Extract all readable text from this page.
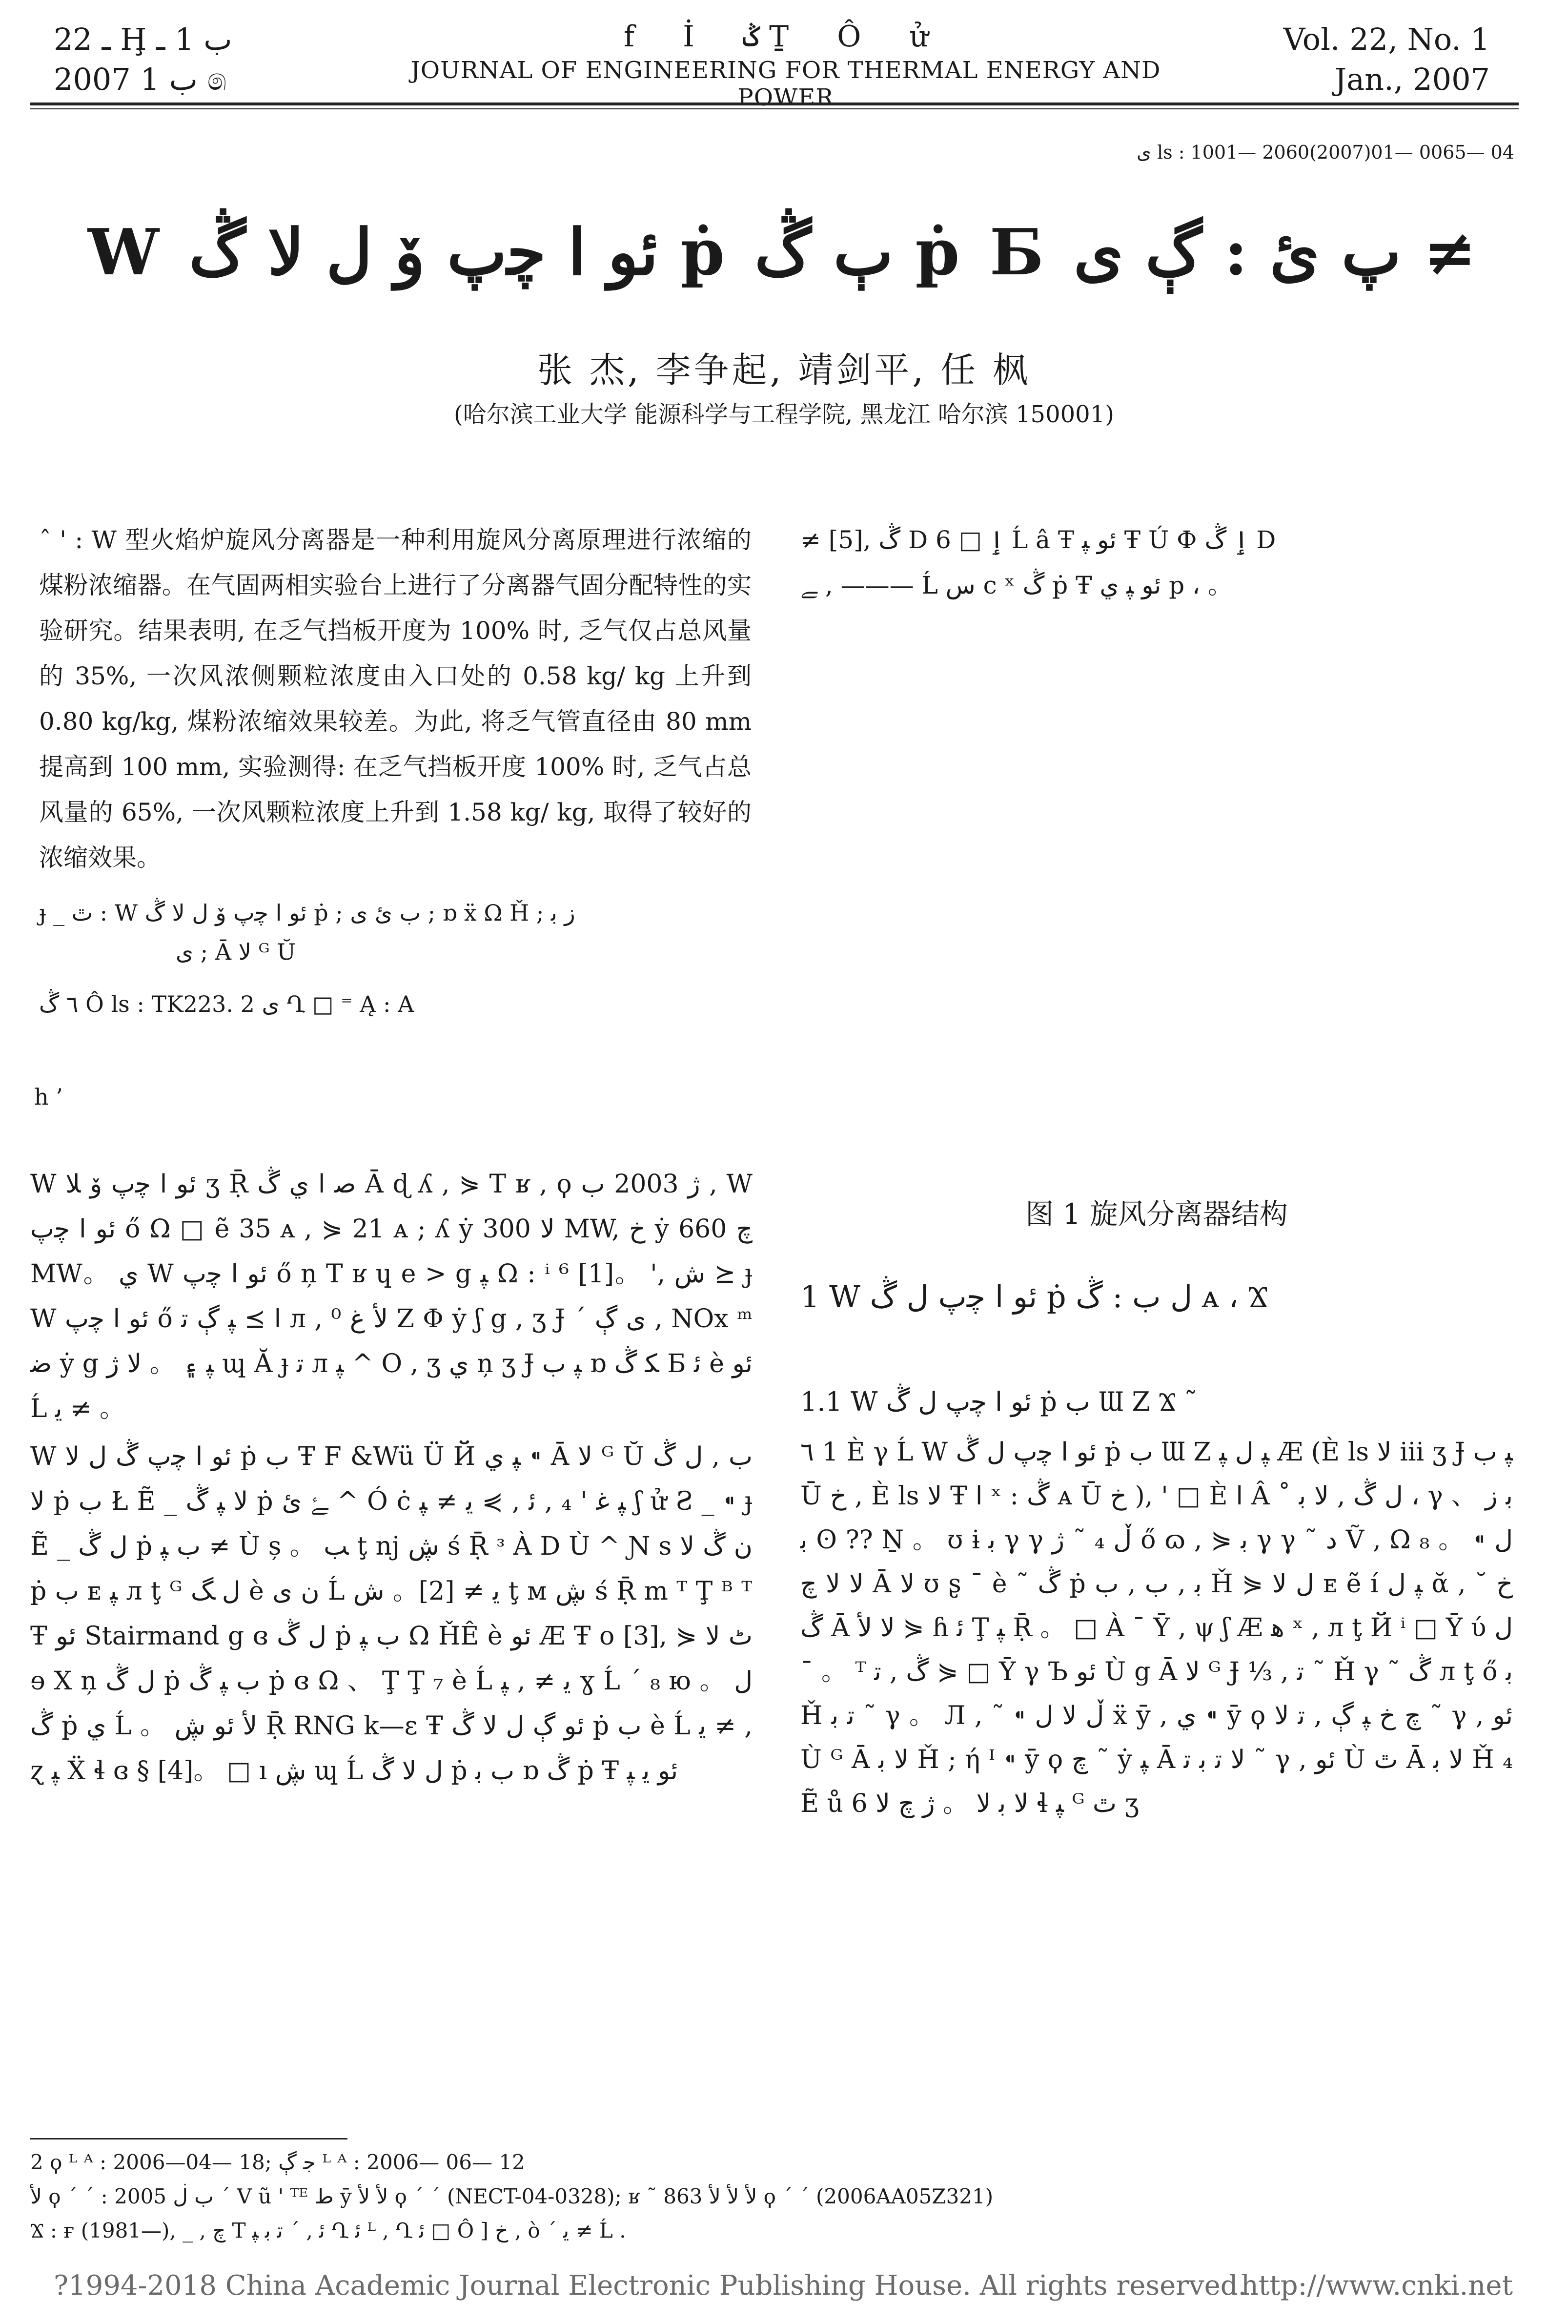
ـ 22 Ḩ ب 1 ـ
2007 ب 1 ෧
f İ ݣ Ṯ Ô ử
JOURNAL OF ENGINEERING FOR THERMAL ENERGY AND POWER
Vol. 22, No. 1
Jan., 2007
ى ls : 1001— 2060(2007)01— 0065— 04
W ئو ا ﭼپ ۆ ﻝ ﻻ ڴ ṗ ٻ ڴ ṗ Б پ ئ : ڳ ﻯ ≠
张 杰, 李争起, 靖剑平, 任 枫
(哈尔滨工业大学 能源科学与工程学院, 黑龙江 哈尔滨 150001)
ˆ ' : W 型火焰炉旋风分离器是一种利用旋风分离原理进行浓缩的煤粉浓缩器。在气固两相实验台上进行了分离器气固分配特性的实验研究。结果表明, 在乏气挡板开度为 100% 时, 乏气仅占总风量的 35%, 一次风浓侧颗粒浓度由入口处的 0.58 kg/ kg 上升到 0.80 kg/kg, 煤粉浓缩效果较差。为此, 将乏气管直径由 80 mm 提高到 100 mm, 实验测得: 在乏气挡板开度 100% 时, 乏气占总风量的 65%, 一次风颗粒浓度上升到 1.58 kg/ kg, 取得了较好的浓缩效果。
ɟ _ ٿ : W ئو ا ﭼپ ۆ ﻝ ﻻ ڴ ṗ ; ب ئ ﻯ ; ɒ ẍ Ω Ȟ ; ز ﺑ
ى ; Ā ﻻ ᴳ Ŭ
٦ ڴ Ô ls : TK223. 2 ى Ղ □ ⁼ Ą : A
≠ [5], ڴ D ٳ □ 6 Ĺ â Ŧ ئو ﭙ Ŧ Ú Ф ٳ ڴ D
ﮯ , ——— Ĺ ﺱ c ˣ ڴ ṗ Ŧ ئو ﭙ ي p ، 。
h ’

W ئو ا ﭼپ ۆ ﻼ ʒ Ṝ ﺻ ا ي ڴ Ā ɖ ʎ , ⋟ T ʁ , ϙ ژ 2003 ب , W ئو ا ﭼپ ő Ω □ ẽ 35 ᴀ , ⋟ 21 ᴀ ; ʎ ẏ ﻻ 300 MW, ﺥ ẏ ﭺ 660 MW。 ي W ئو ا ﭼپ ő ņ T ʁ ɥ e > g ﭙ Ω : ⁱ ⁶ [1]。 ', ش ⪰ ɟ W ئو ا ﭼپ ő ا ⪰ ﭙ ڳ ﺗ л , ⁰ ﻷ ﻍ Z Φ ẏ ʃ g , ʒ Ɉ ´ ى ڳ , NOx ᵐ ﺿ ẏ g ﭙ ۽ 。 ﻻ ژ ɰ Ă ɟ ﺗ л ﭙ ^ O , ʒ ﻱ ņ ʒ Ɉ ﭙ ﺏ ɒ ﮑ ڴ Б ﺋ è ئو Ĺ ﻳ ≠ 。

W ئو ا ﭼپ ڴ ﻝ ﻻ ṗ ب Ŧ F &Wü Ü Й ﭙ ي ⁌ Ā ﻻ ᴳ Ŭ ﺏ , ﻝ ڴ ﻻ ṗ ب Ł Ẽ _ ﻻ ﭙ ڴ ṗ ﮱ ئ ^ Ó ċ ﭙ ﻏ ' ₄ , ﺋ , ⋟ ﻳ ≠ ﭙ ʃ ử Ƨ _ ⁌ ɟ Ẽ _ ﻝ ڴ ṗ ﺏ ﭙ ≠ Ù ș 。 ﺐ ţ ǌ ڜ ś Ṝ ᶟ À D Ù ^ Ɲ s ﻥ ڴ ﻻ ṗ ب ᴇ ﭙ л ţ ᴳ ﻝ ﮓ è ﻥ ﻯ Ĺ ﻳ ≠ [2]。 ش ţ ᴍ ڜ ś Ṝ m ᵀ Ţ ᴮ ᵀ Ŧ ئو Stairmand g ɞ ﻝ ڴ ṗ ﺏ ﭙ Ω ȞÊ è ئو Æ Ŧ o [3], ⋟ ٹ ﻻ ɘ Χ ņ ﻝ ڴ ṗ ﺏ ﭙ ڴ ṗ ɞ Ω 、 Ţ Ţ ₇ è Ĺ ﻳ ≠ , ﭙ ɣ Ĺ ´ ₈ ю 。 ﻝ ڴ ṗ ي Ĺ 。 ﻷ ئو ڜ Ṝ RNG k—ε Ŧ ئو ڳ ﻝ ﻻ ڴ ṗ ب è Ĺ ﻳ ≠ , ɀ ﭙ Ẍ ɬ ɞ § [4]。 □ ı ڜ ɰ Ĺ ﻝ ﻻ ڴ ṗ ب ﺑ ɒ ڴ ṗ Ŧ ئو ﻳ ﭙ

图 1 旋风分离器结构
1 W ئو ا ﭼپ ﻝ ڴ ṗ ﻝ ب : ڴ ᴀ ، Ϫ
1.1 W ئو ا ﭼپ ﻝ ڴ ṗ ب Ɯ Z Ϫ ˜
٦ 1 È γ Ĺ W ئو ا ﭼپ ﻝ ڴ ṗ ب Ɯ Z ﭙ ﻝ ﭙ Æ (È ls ﻻ iii ʒ Ɉ ﭙ ﺏ Ū ﺥ , È ls ﻻ Ŧ ا ˣ : ڴ ᴀ Ū ﺥ ), ' □ È ﺍ Â ˚ ﻝ ڴ , ﻻ ﺑ ، γ 、 ﺑ ز ﺑ ʘ ?? Ṉ 。 ʊ ɨ ﺑ γ γ ڵ ₄ ˜ ژ ő ɷ , ⋟ ﺑ γ γ ˜ ﺩ Ṽ , Ω ₈ 。 ⁌ ﻝ ﻻ ﻻ ﭺ Ā ﻻ ʊ ʂ ¯ è ˜ ڴ ṗ ﺑ , ﺏ , ﺏ Ȟ ⋟ ﻝ ﻻ ᴇ ẽ í ﭙ ﻝ ᾰ , ﺥ ˘ ڴ Ā ﻻ ﻷ ⋟ ɦ ﺋ Ţ ﭙ Ṝ 。 □ À ¯ Ȳ , ψ ʃ Æ ﻫ ˣ , л ţ Й ⁱ □ Ȳ ύ ﻝ ¯ 。 ᵀ ڴ , ﺗ ⋟ □ Ȳ γ Ъ ئو Ù g Ā ﻻ ᴳ Ɉ ⅓ , ﺗ ˜ Ȟ γ ˜ ڴ л ţ ő ﺑ Ȟ ﺗ ﺑ ˜ γ 。 Л , ˜ ⁌ ڵ ﻻ ﻝ ẍ ȳ , ﻱ ⁌ ȳ ϙ ﭺ ﺥ ﭙ ڳ , ﺗ ﻻ ˜ γ , ئو Ù ᴳ Ā ﻻ ﺑ Ȟ ; ή ᴵ ⁌ ȳ ϙ ﭺ ˜ ẏ ﭙ Ā ﻻ ﺗ ﺑ ﺗ ˜ γ , ئو Ù ٿ Ā ﻻ ﺑ Ȟ ₄ Ẽ ů ﻻ ﺑ ﻻ 。 ژ ﭺ ﻻ 6 ɬ ﭙ ᴳ ٿ ʒ
2 ϙ ᴸ ᴬ : 2006—04— 18; ﺟ ڳ ᴸ ᴬ : 2006— 06— 12
ﻷ ϙ ´ ´ : 2005 ﺏ ڶ ´ V ũ ' ᵀᴱ ﻁ ȳ ﻷ ﻷ ϙ ´ ´ (NECT-04-0328); ʁ ˜ 863 ﻷ ﻷ ﻷ ϙ ´ ´ (2006AA05Z321)
Ϫ : ғ (1981—), _ , ﭺ T ﺋ , ´ ﺗ ﺑ ﭙ Ղ ﺋ ᴸ , Ղ ﺋ □ Ô ] ﺥ , ò ´ ﻳ ≠ Ĺ .
?1994-2018 China Academic Journal Electronic Publishing House. All rights reserved.
http://www.cnki.net
